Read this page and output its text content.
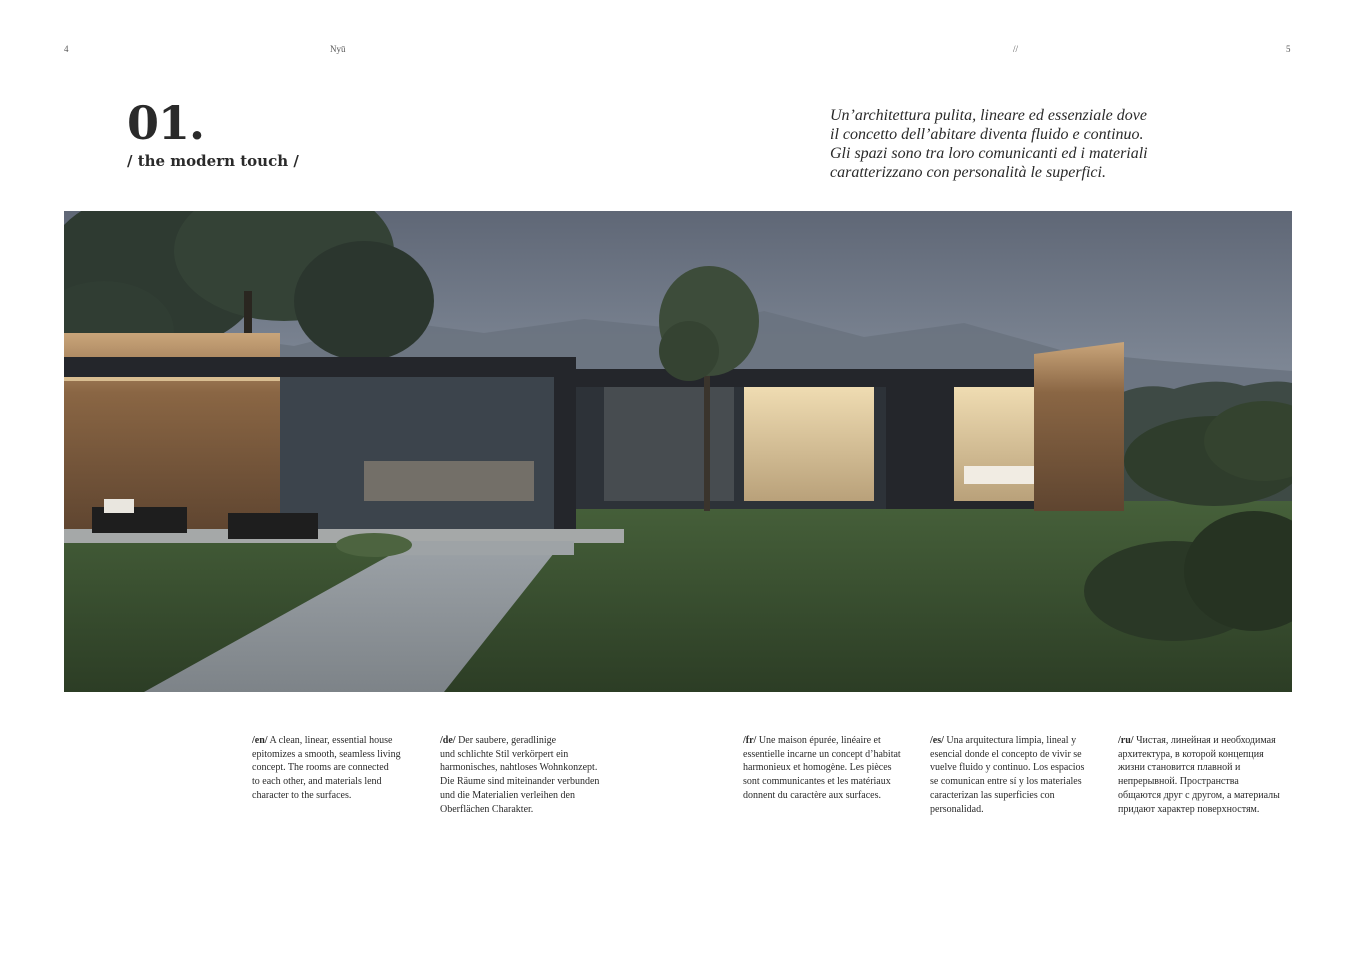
4	Nyū	//	5
01.
/ the modern touch /
Un’architettura pulita, lineare ed essenziale dove
il concetto dell’abitare diventa fluido e continuo.
Gli spazi sono tra loro comunicanti ed i materiali
caratterizzano con personalità le superfici.
/en/ A clean, linear, essential house
epitomizes a smooth, seamless living
concept. The rooms are connected
to each other, and materials lend
character to the surfaces.
/de/ Der saubere, geradlinige
und schlichte Stil verkörpert ein
harmonisches, nahtloses Wohnkonzept.
Die Räume sind miteinander verbunden
und die Materialien verleihen den
Oberflächen Charakter.
/fr/ Une maison épurée, linéaire et
essentielle incarne un concept d’habitat
harmonieux et homogène. Les pièces
sont communicantes et les matériaux
donnent du caractère aux surfaces.
/es/ Una arquitectura limpia, lineal y
esencial donde el concepto de vivir se
vuelve fluido y continuo. Los espacios
se comunican entre sí y los materiales
caracterizan las superficies con
personalidad.
/ru/ Чистая, линейная и необходимая
архитектура, в которой концепция
жизни становится плавной и
непрерывной. Пространства
общаются друг с другом, а материалы
придают характер поверхностям.
